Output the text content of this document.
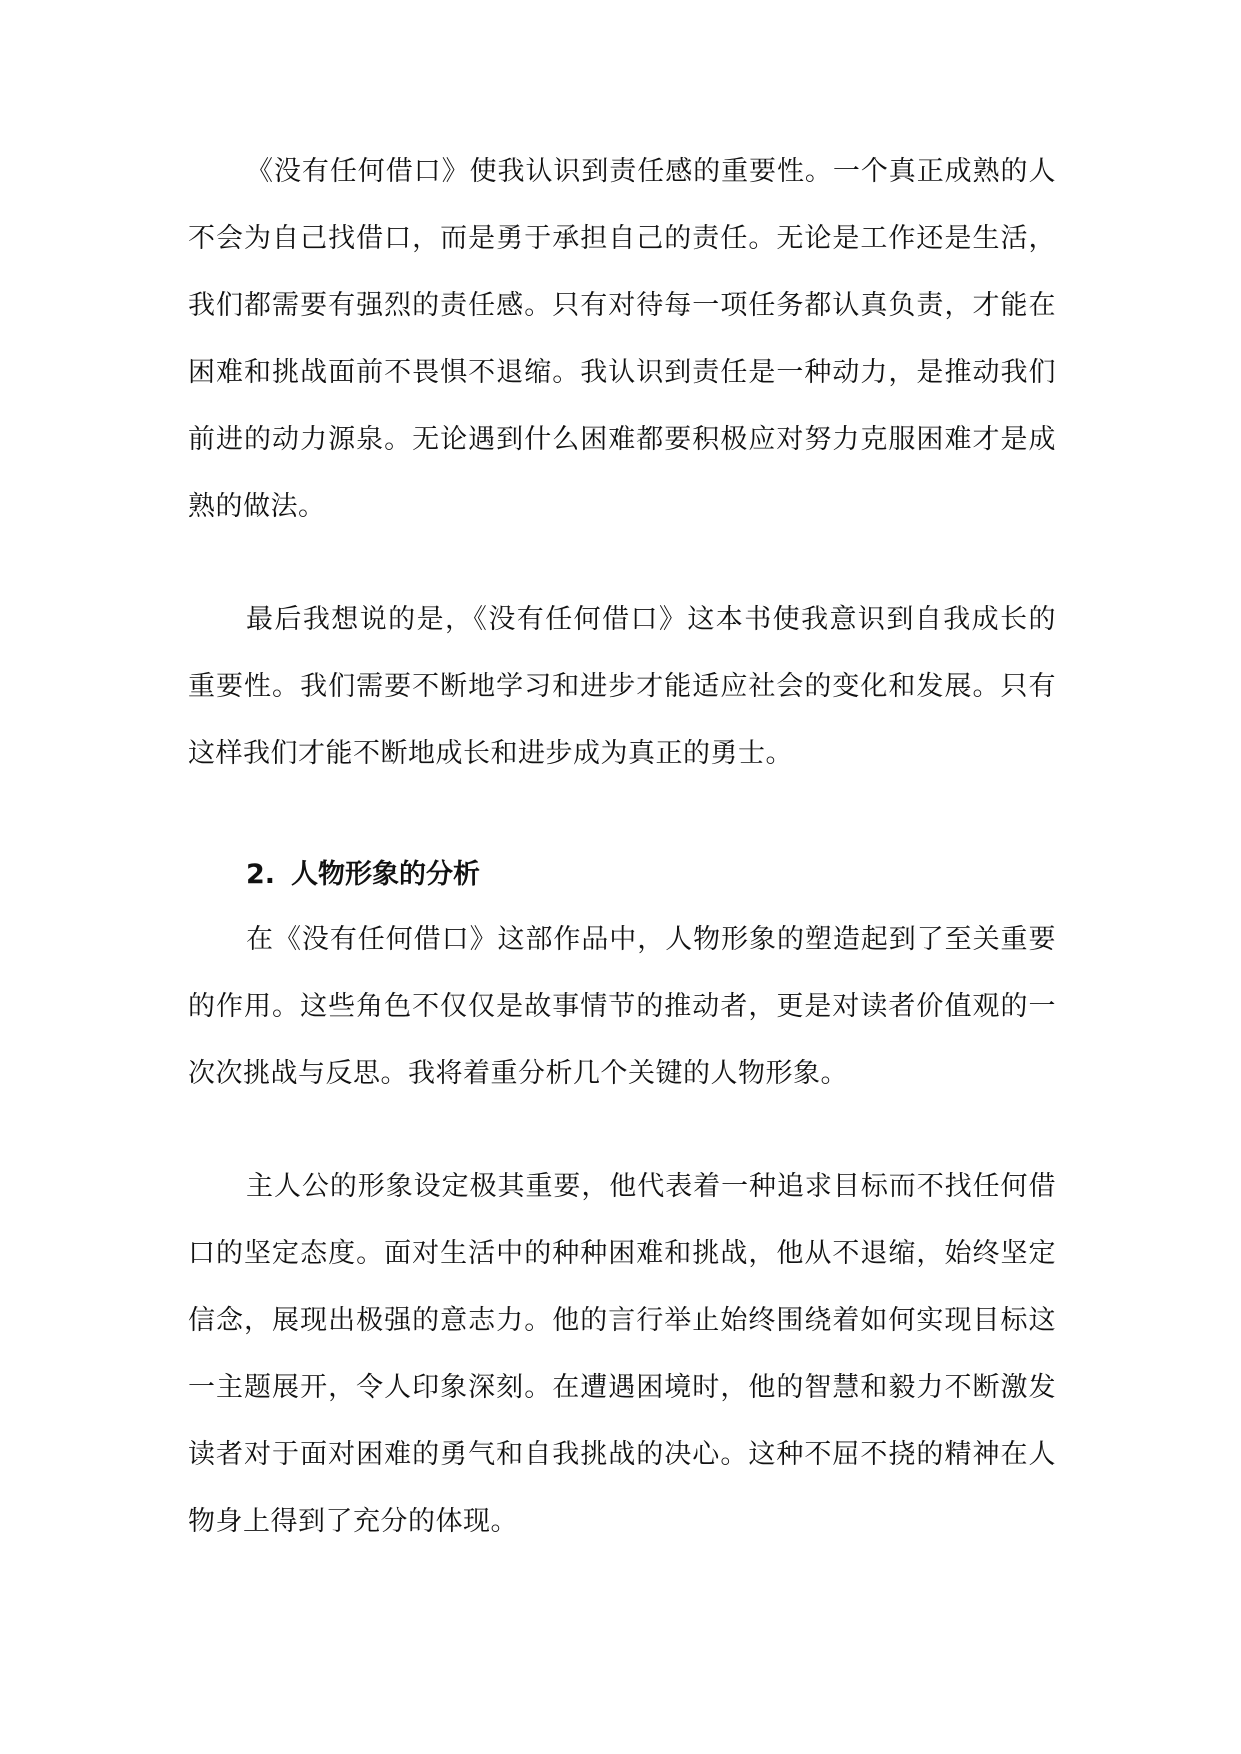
《没有任何借口》使我认识到责任感的重要性。一个真正成熟的人不会为自己找借口，而是勇于承担自己的责任。无论是工作还是生活，我们都需要有强烈的责任感。只有对待每一项任务都认真负责，才能在困难和挑战面前不畏惧不退缩。我认识到责任是一种动力，是推动我们前进的动力源泉。无论遇到什么困难都要积极应对努力克服困难才是成熟的做法。

最后我想说的是，《没有任何借口》这本书使我意识到自我成长的重要性。我们需要不断地学习和进步才能适应社会的变化和发展。只有这样我们才能不断地成长和进步成为真正的勇士。

2. 人物形象的分析

在《没有任何借口》这部作品中，人物形象的塑造起到了至关重要的作用。这些角色不仅仅是故事情节的推动者，更是对读者价值观的一次次挑战与反思。我将着重分析几个关键的人物形象。

主人公的形象设定极其重要，他代表着一种追求目标而不找任何借口的坚定态度。面对生活中的种种困难和挑战，他从不退缩，始终坚定信念，展现出极强的意志力。他的言行举止始终围绕着如何实现目标这一主题展开，令人印象深刻。在遭遇困境时，他的智慧和毅力不断激发读者对于面对困难的勇气和自我挑战的决心。这种不屈不挠的精神在人物身上得到了充分的体现。
